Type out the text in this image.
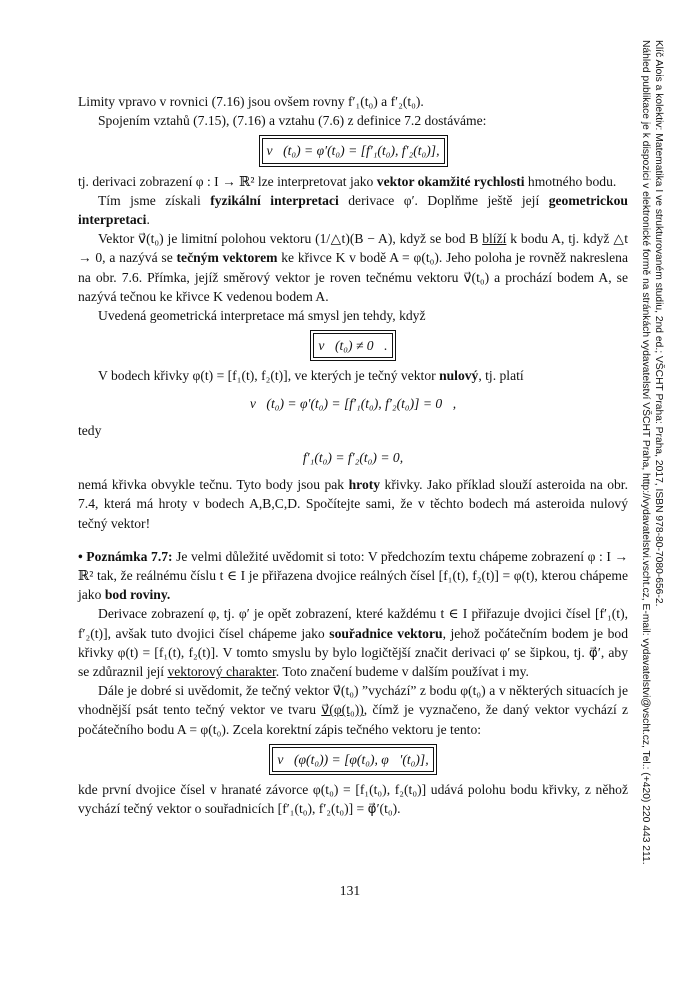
Limity vpravo v rovnici (7.16) jsou ovšem rovny f′₁(t₀) a f′₂(t₀).

Spojením vztahů (7.15), (7.16) a vztahu (7.6) z definice 7.2 dostáváme:

v⃗(t₀) = φ′(t₀) = [f′₁(t₀), f′₂(t₀)],

tj. derivaci zobrazení φ : I → ℝ² lze interpretovat jako vektor okamžité rychlosti hmotného bodu.

Tím jsme získali fyzikální interpretaci derivace φ′. Doplňme ještě její geometrickou interpretaci.

Vektor v⃗(t₀) je limitní polohou vektoru (1/△t)(B − A), když se bod B blíží k bodu A, tj. když △t → 0, a nazývá se tečným vektorem ke křivce K v bodě A = φ(t₀). Jeho poloha je rovněž nakreslena na obr. 7.6. Přímka, jejíž směrový vektor je roven tečnému vektoru v⃗(t₀) a prochází bodem A, se nazývá tečnou ke křivce K vedenou bodem A.

Uvedená geometrická interpretace má smysl jen tehdy, když

v⃗(t₀) ≠ 0⃗.

V bodech křivky φ(t) = [f₁(t), f₂(t)], ve kterých je tečný vektor nulový, tj. platí

v⃗(t₀) = φ′(t₀) = [f′₁(t₀), f′₂(t₀)] = 0⃗,

tedy

f′₁(t₀) = f′₂(t₀) = 0,

nemá křivka obvykle tečnu. Tyto body jsou pak hroty křivky. Jako příklad slouží asteroida na obr. 7.4, která má hroty v bodech A,B,C,D. Spočítejte sami, že v těchto bodech má asteroida nulový tečný vektor!

• Poznámka 7.7: Je velmi důležité uvědomit si toto: V předchozím textu chápeme zobrazení φ : I → ℝ² tak, že reálnému číslu t ∈ I je přiřazena dvojice reálných čísel [f₁(t), f₂(t)] = φ(t), kterou chápeme jako bod roviny.

Derivace zobrazení φ, tj. φ′ je opět zobrazení, které každému t ∈ I přiřazuje dvojici čísel [f′₁(t), f′₂(t)], avšak tuto dvojici čísel chápeme jako souřadnice vektoru, jehož počátečním bodem je bod křivky φ(t) = [f₁(t), f₂(t)]. V tomto smyslu by bylo logičtější značit derivaci φ′ se šipkou, tj. φ⃗′, aby se zdůraznil její vektorový charakter. Toto značení budeme v dalším používat i my.

Dále je dobré si uvědomit, že tečný vektor v⃗(t₀) ”vychází” z bodu φ(t₀) a v některých situacích je vhodnější psát tento tečný vektor ve tvaru v⃗(φ(t₀)), čímž je vyznačeno, že daný vektor vychází z počátečního bodu A = φ(t₀). Zcela korektní zápis tečného vektoru je tento:

v⃗(φ(t₀)) = [φ(t₀), φ⃗′(t₀)],

kde první dvojice čísel v hranaté závorce φ(t₀) = [f₁(t₀), f₂(t₀)] udává polohu bodu křivky, z něhož vychází tečný vektor o souřadnicích [f′₁(t₀), f′₂(t₀)] = φ⃗′(t₀).

131
Klíč Alois a kolektiv: Matematika I ve strukturovaném studiu, 2nd ed.; VŠCHT Praha: Praha, 2017, ISBN 978-80-7080-656-2.
Náhled publikace je k dispozici v elektronické formě na stránkách vydavatelství VŠCHT Praha, http://vydavatelstvi.vscht.cz, E-mail: vydavatelstvi@vscht.cz, Tel.: (+420) 220 443 211.
